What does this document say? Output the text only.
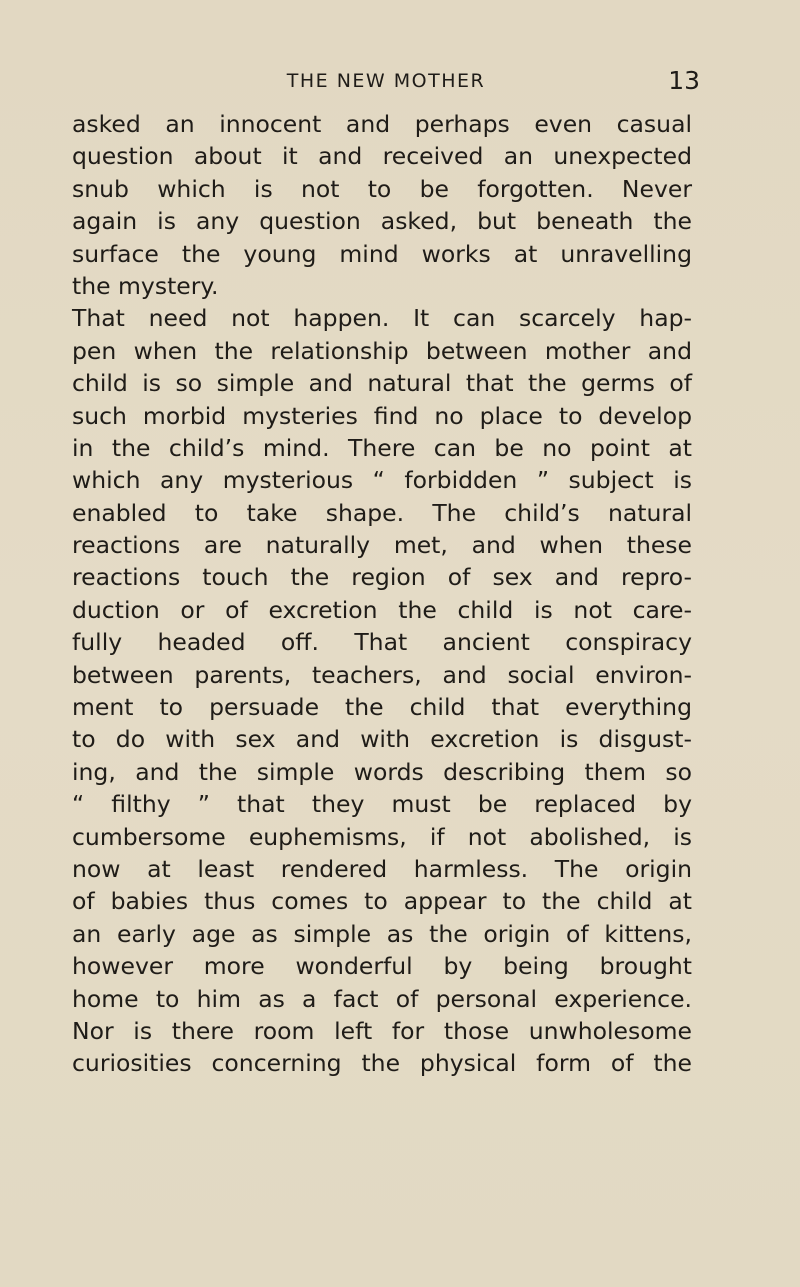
THE NEW MOTHER	13
asked an innocent and perhaps even casual
question about it and received an unexpected
snub which is not to be forgotten. Never
again is any question asked, but beneath the
surface the young mind works at unravelling
the mystery.
That need not happen. It can scarcely hap-
pen when the relationship between mother and
child is so simple and natural that the germs of
such morbid mysteries find no place to develop
in the child’s mind. There can be no point at
which any mysterious “ forbidden ” subject is
enabled to take shape. The child’s natural
reactions are naturally met, and when these
reactions touch the region of sex and repro-
duction or of excretion the child is not care-
fully headed off. That ancient conspiracy
between parents, teachers, and social environ-
ment to persuade the child that everything
to do with sex and with excretion is disgust-
ing, and the simple words describing them so
“ filthy ” that they must be replaced by
cumbersome euphemisms, if not abolished, is
now at least rendered harmless. The origin
of babies thus comes to appear to the child at
an early age as simple as the origin of kittens,
however more wonderful by being brought
home to him as a fact of personal experience.
Nor is there room left for those unwholesome
curiosities concerning the physical form of the
